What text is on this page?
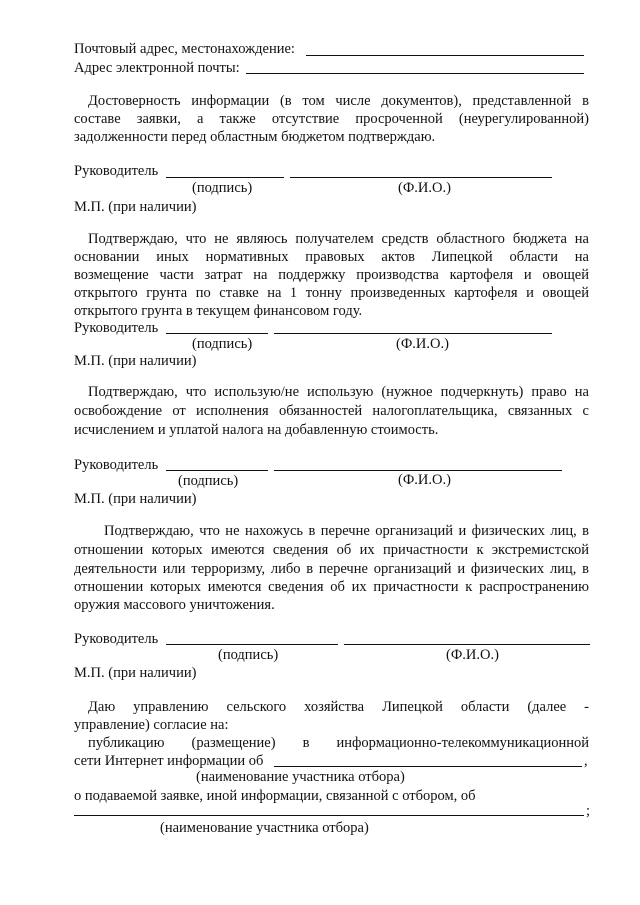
Почтовый адрес, местонахождение:
Адрес электронной почты:
Достоверность информации (в том числе документов), представленной в
составе заявки, а также отсутствие просроченной (неурегулированной)
задолженности перед областным бюджетом подтверждаю.
Руководитель
(подпись)	(Ф.И.О.)
М.П. (при наличии)
Подтверждаю, что не являюсь получателем средств областного бюджета на
основании иных нормативных правовых актов Липецкой области на
возмещение части затрат на поддержку производства картофеля и овощей
открытого грунта по ставке на 1 тонну произведенных картофеля и овощей
открытого грунта в текущем финансовом году.
Руководитель
(подпись)	(Ф.И.О.)
М.П. (при наличии)
Подтверждаю, что использую/не использую (нужное подчеркнуть) право на
освобождение от исполнения обязанностей налогоплательщика, связанных с
исчислением и уплатой налога на добавленную стоимость.
Руководитель
(подпись)	(Ф.И.О.)
М.П. (при наличии)
Подтверждаю, что не нахожусь в перечне организаций и физических лиц, в
отношении которых имеются сведения об их причастности к экстремистской
деятельности или терроризму, либо в перечне организаций и физических лиц, в
отношении которых имеются сведения об их причастности к распространению
оружия массового уничтожения.
Руководитель
(подпись)	(Ф.И.О.)
М.П. (при наличии)
Даю управлению сельского хозяйства Липецкой области (далее -
управление) согласие на:
публикацию (размещение) в информационно-телекоммуникационной
сети Интернет информации об	,
(наименование участника отбора)
о подаваемой заявке, иной информации, связанной с отбором, об
;
(наименование участника отбора)
